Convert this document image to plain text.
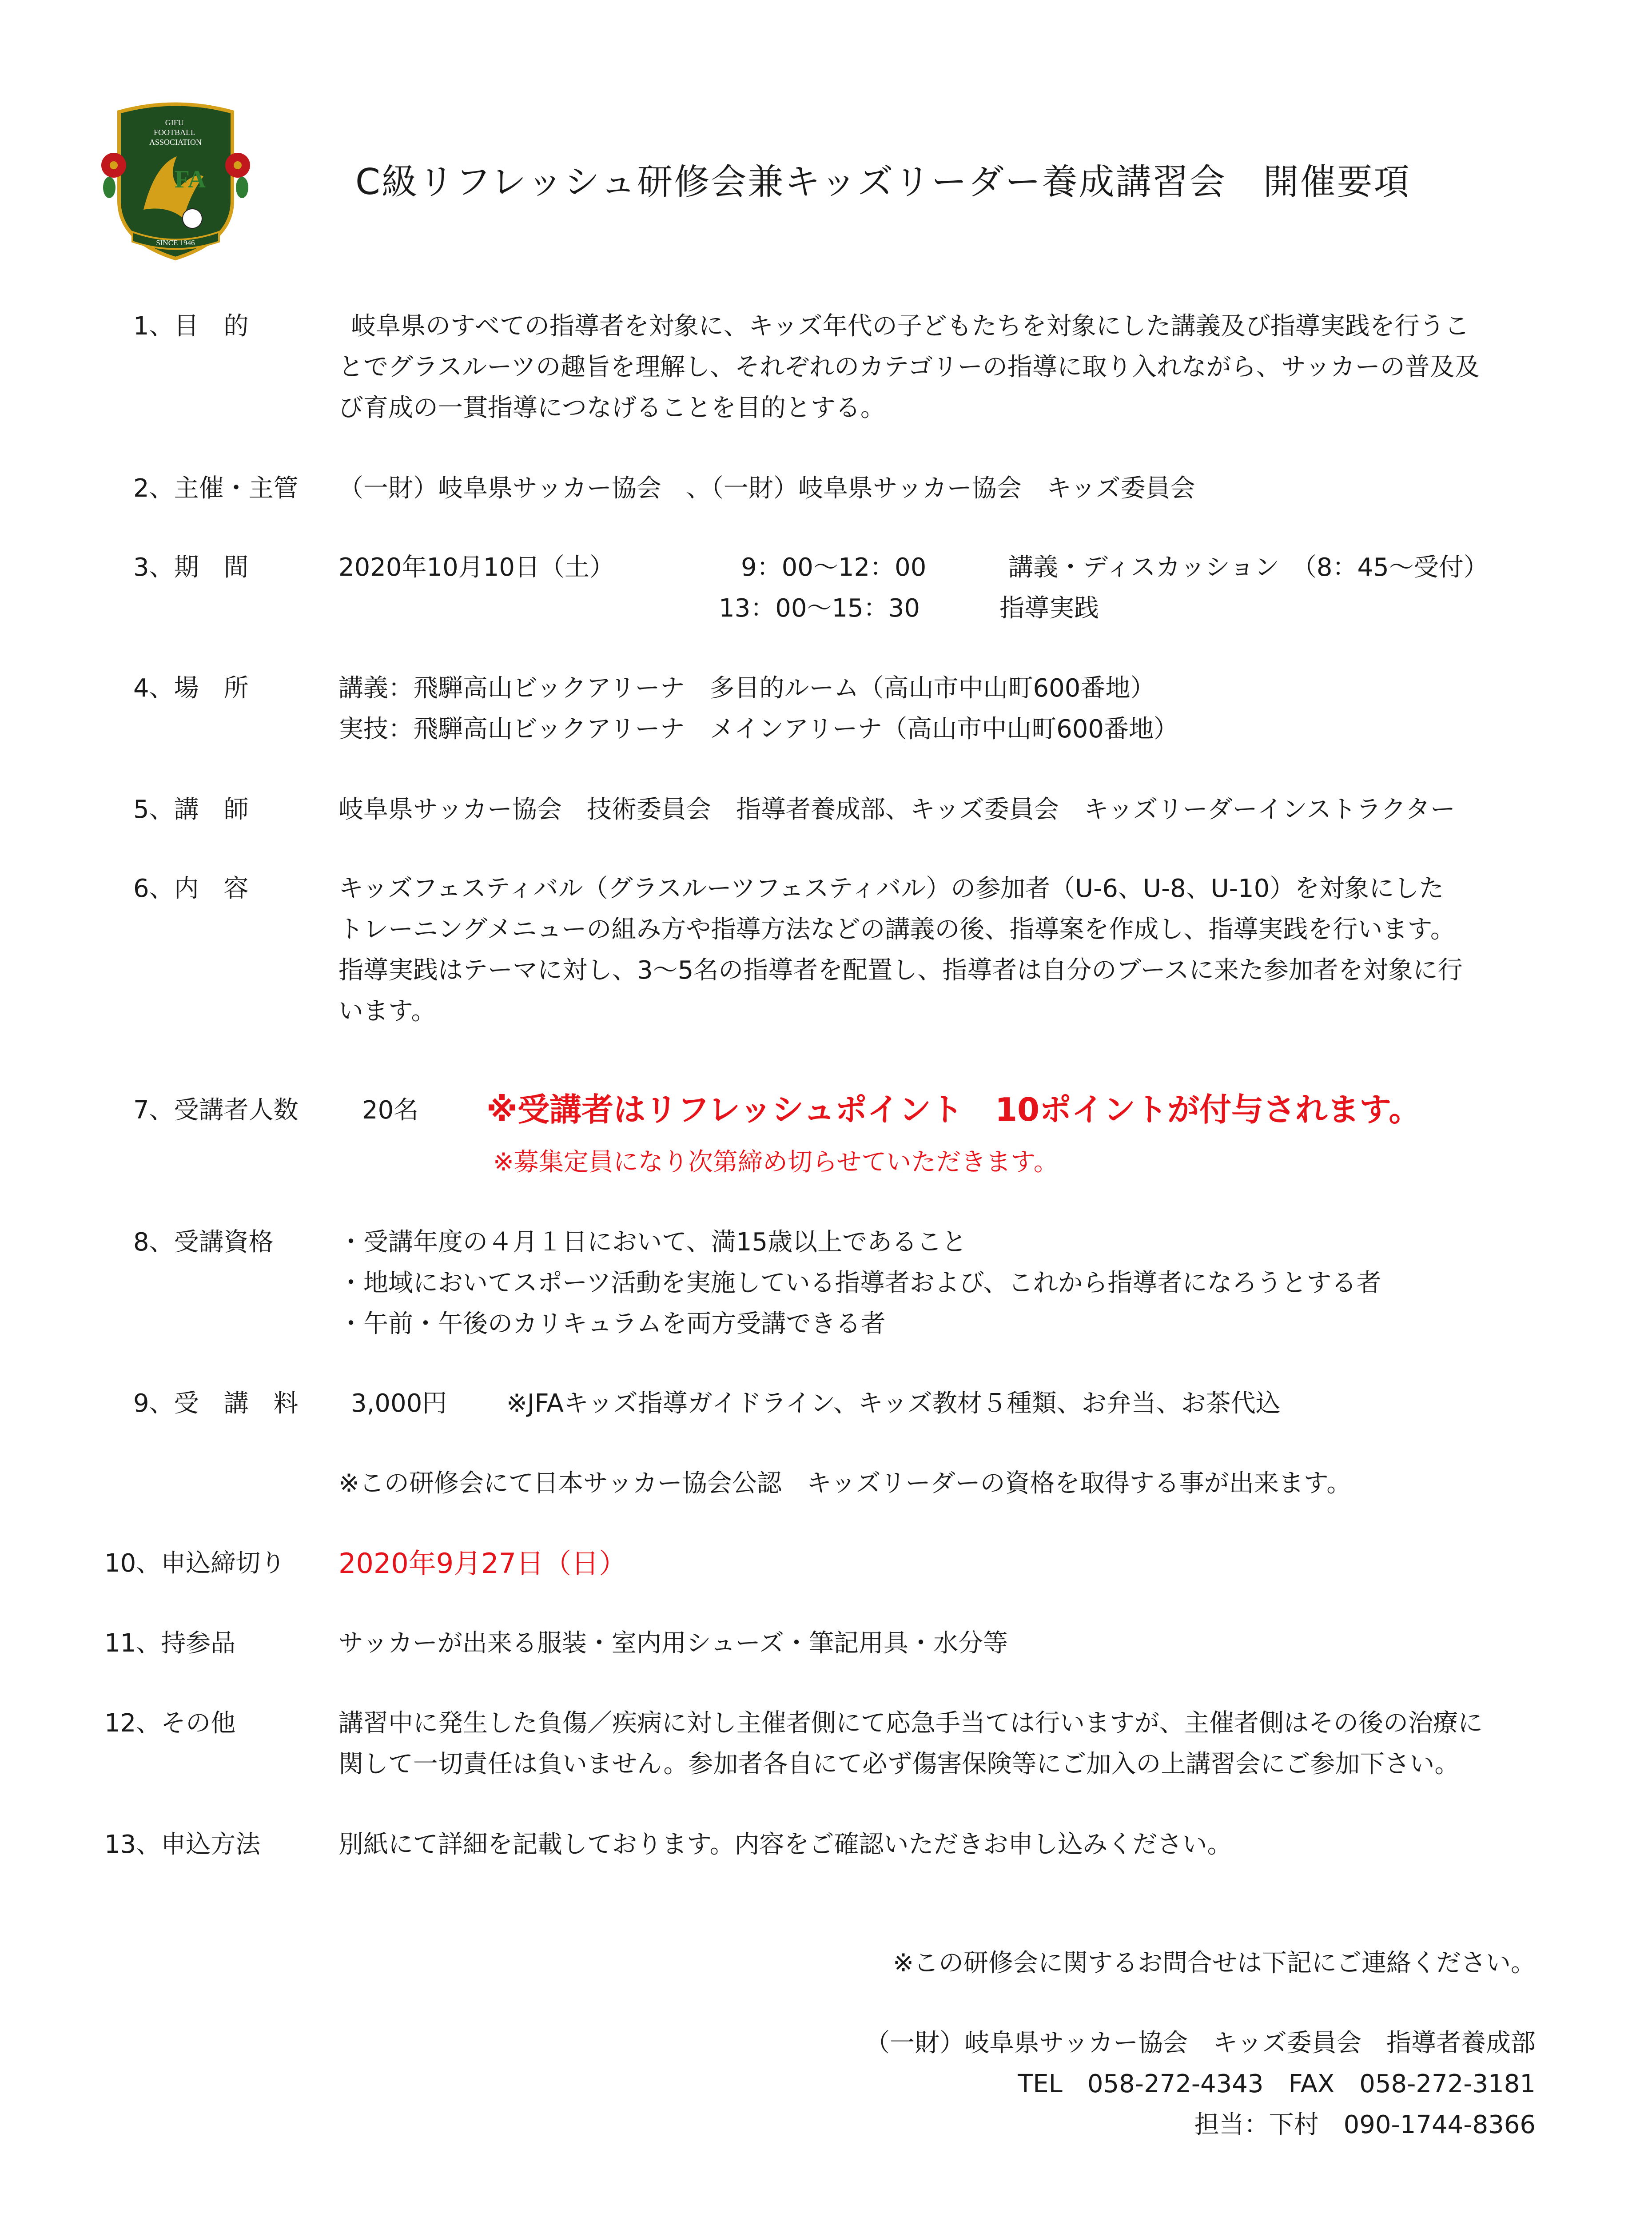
SINCE 1946
GIFU FOOTBALL ASSOCIATION
FA	C級リフレッシュ研修会兼キッズリーダー養成講習会　開催要項
1、目　的	岐阜県のすべての指導者を対象に、キッズ年代の子どもたちを対象にした講義及び指導実践を行うこ
とでグラスルーツの趣旨を理解し、それぞれのカテゴリーの指導に取り入れながら、サッカーの普及及
び育成の一貫指導につなげることを目的とする。
2、主催・主管 （一財）岐阜県サッカー協会　、（一財）岐阜県サッカー協会　キッズ委員会
3、期　間	2020年10月10日（土）	9：00～12：00	講義・ディスカッション　（8：45～受付）
13：00～15：30	指導実践
4、場　所	講義：飛騨高山ビックアリーナ　多目的ルーム（高山市中山町600番地）
実技：飛騨高山ビックアリーナ　メインアリーナ（高山市中山町600番地）
5、講　師	岐阜県サッカー協会　技術委員会　指導者養成部、キッズ委員会　キッズリーダーインストラクター
6、内　容	キッズフェスティバル（グラスルーツフェスティバル）の参加者（U-6、U-8、U-10）を対象にした
トレーニングメニューの組み方や指導方法などの講義の後、指導案を作成し、指導実践を行います。
指導実践はテーマに対し、3～5名の指導者を配置し、指導者は自分のブースに来た参加者を対象に行
います。
7、受講者人数	20名 ※受講者はリフレッシュポイント　10ポイントが付与されます。
※募集定員になり次第締め切らせていただきます。
8、受講資格	・受講年度の４月１日において、満15歳以上であること
・地域においてスポーツ活動を実施している指導者および、これから指導者になろうとする者
・午前・午後のカリキュラムを両方受講できる者
9、受　講　料 3,000円 ※JFAキッズ指導ガイドライン、キッズ教材５種類、お弁当、お茶代込
※この研修会にて日本サッカー協会公認　キッズリーダーの資格を取得する事が出来ます。
10、申込締切り 2020年9月27日（日）
11、持参品	サッカーが出来る服装・室内用シューズ・筆記用具・水分等
12、その他	講習中に発生した負傷／疾病に対し主催者側にて応急手当ては行いますが、主催者側はその後の治療に
関して一切責任は負いません。参加者各自にて必ず傷害保険等にご加入の上講習会にご参加下さい。
13、申込方法	別紙にて詳細を記載しております。内容をご確認いただきお申し込みください。
※この研修会に関するお問合せは下記にご連絡ください。
（一財）岐阜県サッカー協会　キッズ委員会　指導者養成部
TEL　058-272-4343　FAX　058-272-3181
担当：下村　090-1744-8366
